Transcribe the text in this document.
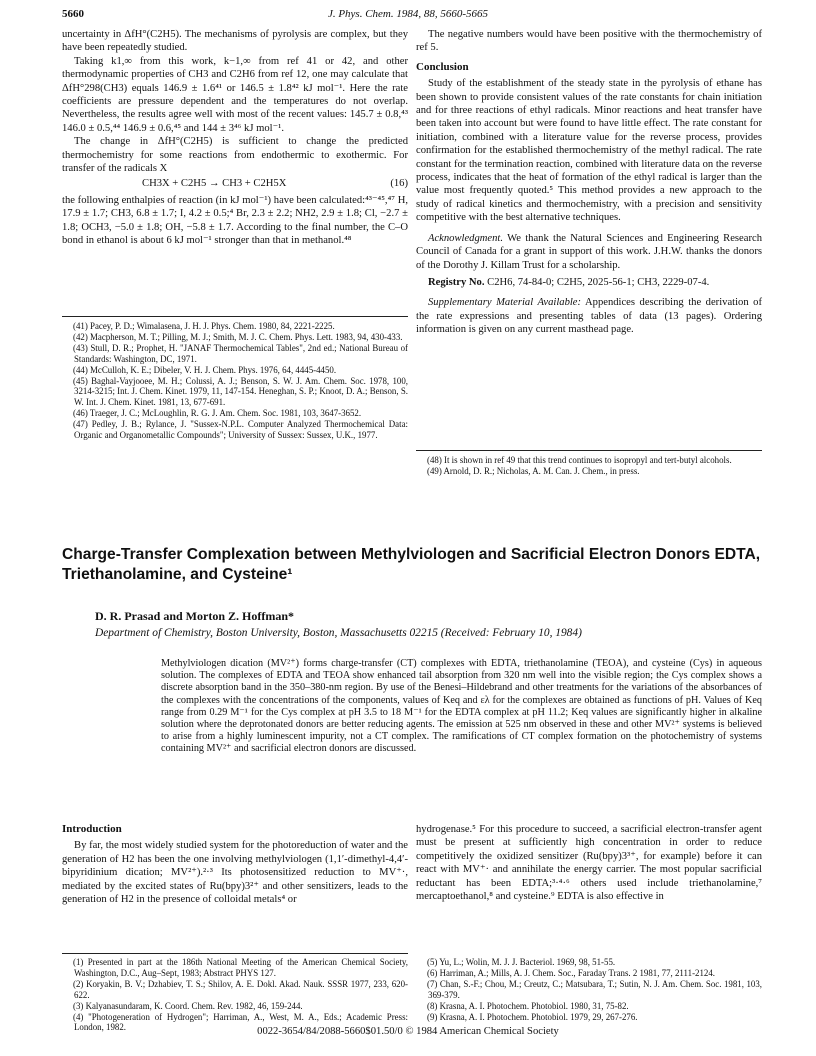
5660	J. Phys. Chem. 1984, 88, 5660-5665

uncertainty in ΔfH°(C2H5). The mechanisms of pyrolysis are complex, but they have been repeatedly studied.

Taking k1,∞ from this work, k−1,∞ from ref 41 or 42, and other thermodynamic properties of CH3 and C2H6 from ref 12, one may calculate that ΔfH°298(CH3) equals 146.9 ± 1.6⁴¹ or 146.5 ± 1.8⁴² kJ mol⁻¹. Here the rate coefficients are pressure dependent and the temperatures do not overlap. Nevertheless, the results agree well with most of the recent values: 145.7 ± 0.8,⁴³ 146.0 ± 0.5,⁴⁴ 146.9 ± 0.6,⁴⁵ and 144 ± 3⁴⁶ kJ mol⁻¹.

The change in ΔfH°(C2H5) is sufficient to change the predicted thermochemistry for some reactions from endothermic to exothermic. For transfer of the radicals X

CH3X + C2H5 → CH3 + C2H5X	(16)

the following enthalpies of reaction (in kJ mol⁻¹) have been calculated:⁴³⁻⁴⁵,⁴⁷ H, 17.9 ± 1.7; CH3, 6.8 ± 1.7; I, 4.2 ± 0.5;⁴ Br, 2.3 ± 2.2; NH2, 2.9 ± 1.8; Cl, −2.7 ± 1.8; OCH3, −5.0 ± 1.8; OH, −5.8 ± 1.7. According to the final number, the C–O bond in ethanol is about 6 kJ mol⁻¹ stronger than that in methanol.⁴⁸

(41) Pacey, P. D.; Wimalasena, J. H. J. Phys. Chem. 1980, 84, 2221-2225.

(42) Macpherson, M. T.; Pilling, M. J.; Smith, M. J. C. Chem. Phys. Lett. 1983, 94, 430-433.

(43) Stull, D. R.; Prophet, H. "JANAF Thermochemical Tables", 2nd ed.; National Bureau of Standards: Washington, DC, 1971.

(44) McCulloh, K. E.; Dibeler, V. H. J. Chem. Phys. 1976, 64, 4445-4450.

(45) Baghal-Vayjooee, M. H.; Colussi, A. J.; Benson, S. W. J. Am. Chem. Soc. 1978, 100, 3214-3215; Int. J. Chem. Kinet. 1979, 11, 147-154. Heneghan, S. P.; Knoot, D. A.; Benson, S. W. Int. J. Chem. Kinet. 1981, 13, 677-691.

(46) Traeger, J. C.; McLoughlin, R. G. J. Am. Chem. Soc. 1981, 103, 3647-3652.

(47) Pedley, J. B.; Rylance, J. "Sussex-N.P.L. Computer Analyzed Thermochemical Data: Organic and Organometallic Compounds"; University of Sussex: Sussex, U.K., 1977.

The negative numbers would have been positive with the thermochemistry of ref 5.

Conclusion

Study of the establishment of the steady state in the pyrolysis of ethane has been shown to provide consistent values of the rate constants for chain initiation and for three reactions of ethyl radicals. Minor reactions and heat transfer have been taken into account but were found to have little effect. The rate constant for initiation, combined with a literature value for the reverse process, provides confirmation for the established thermochemistry of the methyl radical. The rate constant for the termination reaction, combined with literature data on the reverse process, indicates that the heat of formation of the ethyl radical is larger than the value most frequently quoted.⁵ This method provides a new approach to the study of radical kinetics and thermochemistry, with a precision and sensitivity competitive with the best alternative techniques.

Acknowledgment. We thank the Natural Sciences and Engineering Research Council of Canada for a grant in support of this work. J.H.W. thanks the donors of the Dorothy J. Killam Trust for a scholarship.

Registry No. C2H6, 74-84-0; C2H5, 2025-56-1; CH3, 2229-07-4.

Supplementary Material Available: Appendices describing the derivation of the rate expressions and presenting tables of data (13 pages). Ordering information is given on any current masthead page.

(48) It is shown in ref 49 that this trend continues to isopropyl and tert-butyl alcohols.

(49) Arnold, D. R.; Nicholas, A. M. Can. J. Chem., in press.

Charge-Transfer Complexation between Methylviologen and Sacrificial Electron Donors EDTA, Triethanolamine, and Cysteine¹
D. R. Prasad and Morton Z. Hoffman*
Department of Chemistry, Boston University, Boston, Massachusetts 02215 (Received: February 10, 1984)
Methylviologen dication (MV²⁺) forms charge-transfer (CT) complexes with EDTA, triethanolamine (TEOA), and cysteine (Cys) in aqueous solution. The complexes of EDTA and TEOA show enhanced tail absorption from 320 nm well into the visible region; the Cys complex shows a discrete absorption band in the 350–380-nm region. By use of the Benesi–Hildebrand and other treatments for the variations of the absorbances of the complexes with the concentrations of the components, values of Keq and ελ for the complexes are obtained as functions of pH. Values of Keq range from 0.29 M⁻¹ for the Cys complex at pH 3.5 to 18 M⁻¹ for the EDTA complex at pH 11.2; Keq values are significantly higher in alkaline solution where the deprotonated donors are better reducing agents. The emission at 525 nm observed in these and other MV²⁺ systems is believed to arise from a highly luminescent impurity, not a CT complex. The ramifications of CT complex formation on the photochemistry of systems containing MV²⁺ and sacrificial electron donors are discussed.

Introduction

By far, the most widely studied system for the photoreduction of water and the generation of H2 has been the one involving methylviologen (1,1′-dimethyl-4,4′-bipyridinium dication; MV²⁺).²·³ Its photosensitized reduction to MV⁺·, mediated by the excited states of Ru(bpy)3²⁺ and other sensitizers, leads to the generation of H2 in the presence of colloidal metals⁴ or

hydrogenase.⁵ For this procedure to succeed, a sacrificial electron-transfer agent must be present at sufficiently high concentration in order to reduce competitively the oxidized sensitizer (Ru(bpy)3³⁺, for example) before it can react with MV⁺· and annihilate the energy carrier. The most popular sacrificial reductant has been EDTA;³·⁴·⁶ others used include triethanolamine,⁷ mercaptoethanol,⁸ and cysteine.⁹ EDTA is also effective in

(1) Presented in part at the 186th National Meeting of the American Chemical Society, Washington, D.C., Aug–Sept, 1983; Abstract PHYS 127.

(2) Koryakin, B. V.; Dzhabiev, T. S.; Shilov, A. E. Dokl. Akad. Nauk. SSSR 1977, 233, 620-622.

(3) Kalyanasundaram, K. Coord. Chem. Rev. 1982, 46, 159-244.

(4) "Photogeneration of Hydrogen"; Harriman, A., West, M. A., Eds.; Academic Press: London, 1982.

(5) Yu, L.; Wolin, M. J. J. Bacteriol. 1969, 98, 51-55.

(6) Harriman, A.; Mills, A. J. Chem. Soc., Faraday Trans. 2 1981, 77, 2111-2124.

(7) Chan, S.-F.; Chou, M.; Creutz, C.; Matsubara, T.; Sutin, N. J. Am. Chem. Soc. 1981, 103, 369-379.

(8) Krasna, A. I. Photochem. Photobiol. 1980, 31, 75-82.

(9) Krasna, A. I. Photochem. Photobiol. 1979, 29, 267-276.

0022-3654/84/2088-5660$01.50/0 © 1984 American Chemical Society
